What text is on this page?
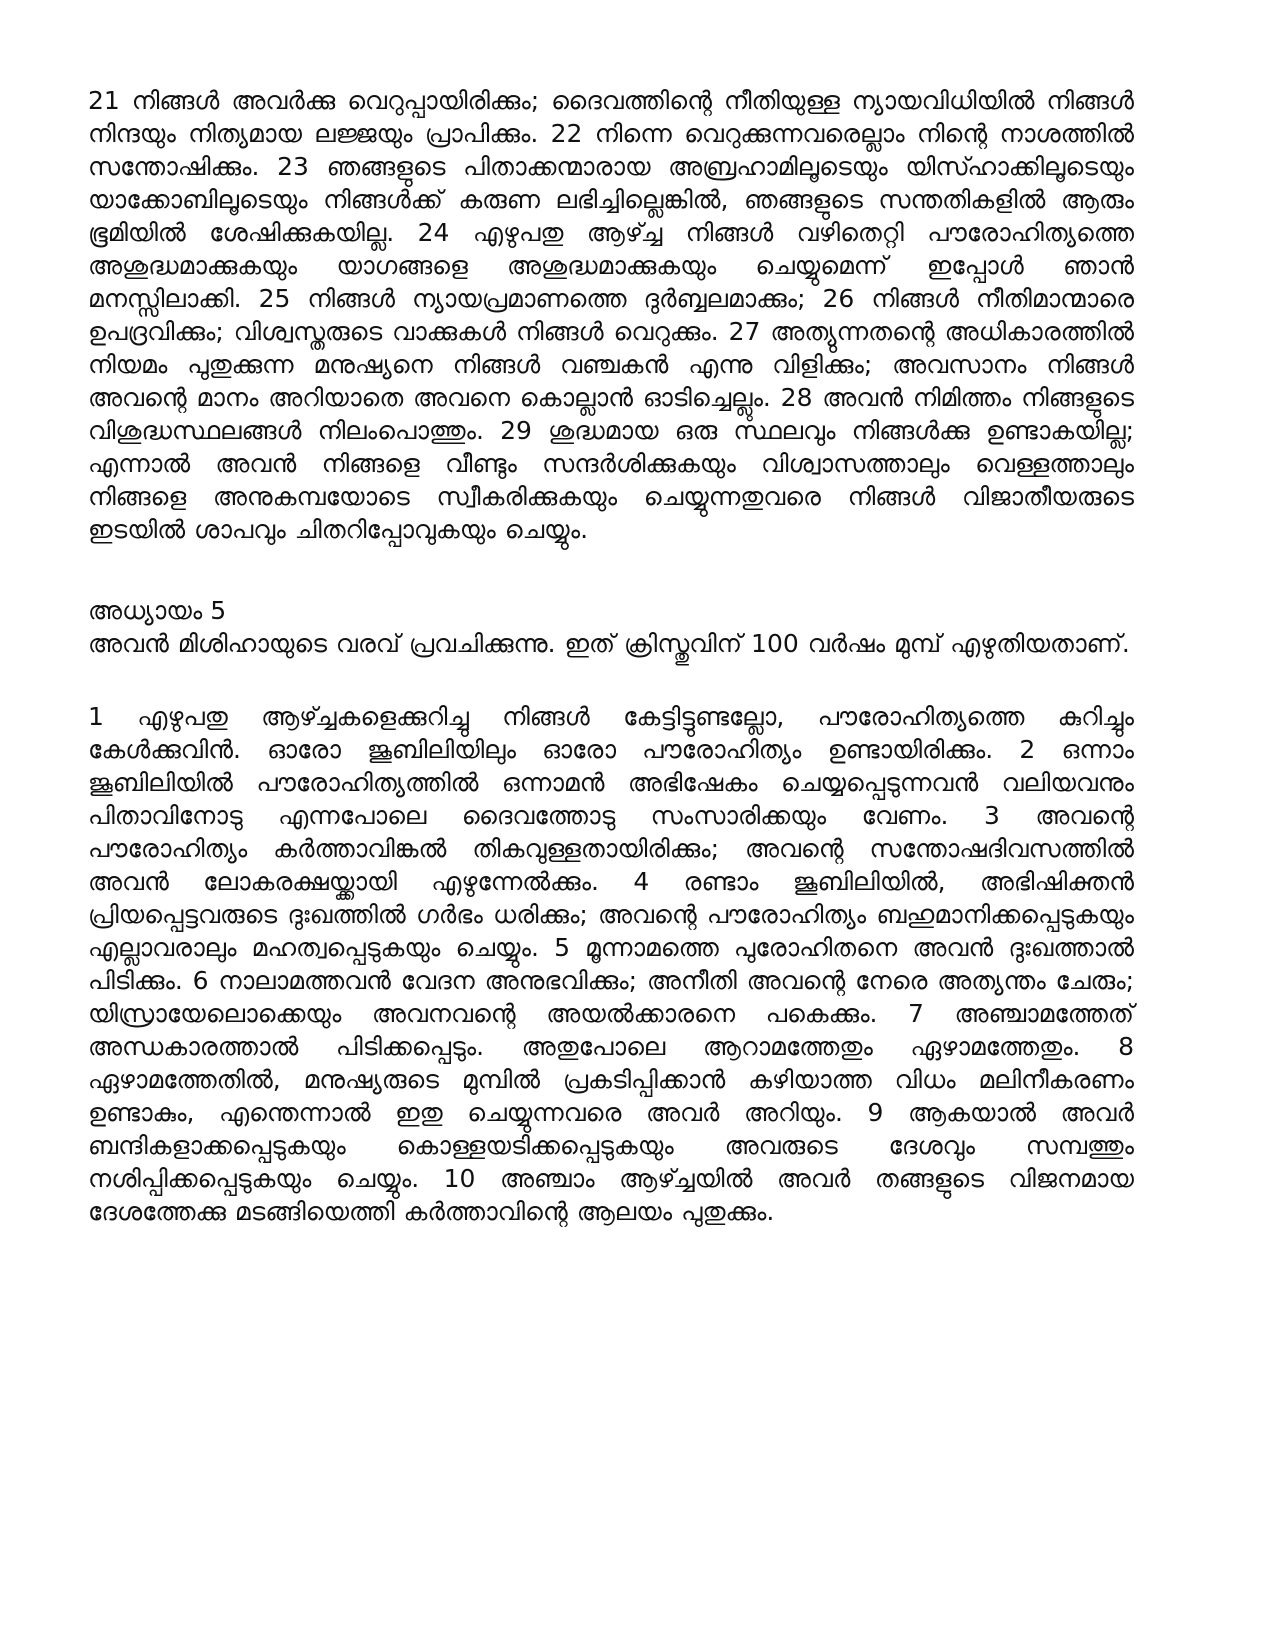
21 നിങ്ങൾ അവർക്കു വെറുപ്പായിരിക്കും; ദൈവത്തിന്റെ നീതിയുള്ള ന്യായവിധിയിൽ നിങ്ങൾ നിന്ദയും നിത്യമായ ലജ്ജയും പ്രാപിക്കും. 22 നിന്നെ വെറുക്കുന്നവരെല്ലാം നിന്റെ നാശത്തിൽ സന്തോഷിക്കും. 23 ഞങ്ങളുടെ പിതാക്കന്മാരായ അബ്രഹാമിലൂടെയും യിസ്ഹാക്കിലൂടെയും യാക്കോബിലൂടെയും നിങ്ങൾക്ക് കരുണ ലഭിച്ചില്ലെങ്കിൽ, ഞങ്ങളുടെ സന്തതികളിൽ ആരും ഭൂമിയിൽ ശേഷിക്കുകയില്ല. 24 എഴുപതു ആഴ്ച്ച നിങ്ങൾ വഴിതെറ്റി പൗരോഹിത്യത്തെ അശുദ്ധമാക്കുകയും യാഗങ്ങളെ അശുദ്ധമാക്കുകയും ചെയ്യുമെന്ന് ഇപ്പോൾ ഞാൻ മനസ്സിലാക്കി. 25 നിങ്ങൾ ന്യായപ്രമാണത്തെ ദുർബ്ബലമാക്കും; 26 നിങ്ങൾ നീതിമാന്മാരെ ഉപദ്രവിക്കും; വിശ്വസ്തരുടെ വാക്കുകൾ നിങ്ങൾ വെറുക്കും. 27 അത്യുന്നതന്റെ അധികാരത്തിൽ നിയമം പുതുക്കുന്ന മനുഷ്യനെ നിങ്ങൾ വഞ്ചകൻ എന്നു വിളിക്കും; അവസാനം നിങ്ങൾ അവന്റെ മാനം അറിയാതെ അവനെ കൊല്ലാൻ ഓടിച്ചെല്ലും. 28 അവൻ നിമിത്തം നിങ്ങളുടെ വിശുദ്ധസ്ഥലങ്ങൾ നിലംപൊത്തും. 29 ശുദ്ധമായ ഒരു സ്ഥലവും നിങ്ങൾക്കു ഉണ്ടാകയില്ല; എന്നാൽ അവൻ നിങ്ങളെ വീണ്ടും സന്ദർശിക്കുകയും വിശ്വാസത്താലും വെള്ളത്താലും നിങ്ങളെ അനുകമ്പയോടെ സ്വീകരിക്കുകയും ചെയ്യുന്നതുവരെ നിങ്ങൾ വിജാതീയരുടെ ഇടയിൽ ശാപവും ചിതറിപ്പോവുകയും ചെയ്യും.

അധ്യായം 5

അവൻ മിശിഹായുടെ വരവ് പ്രവചിക്കുന്നു. ഇത് ക്രിസ്തുവിന് 100 വർഷം മുമ്പ് എഴുതിയതാണ്.

1 എഴുപതു ആഴ്ച്ചകളെക്കുറിച്ചു നിങ്ങൾ കേട്ടിട്ടുണ്ടല്ലോ, പൗരോഹിത്യത്തെ കുറിച്ചും കേൾക്കുവിൻ. ഓരോ ജൂബിലിയിലും ഓരോ പൗരോഹിത്യം ഉണ്ടായിരിക്കും. 2 ഒന്നാം ജൂബിലിയിൽ പൗരോഹിത്യത്തിൽ ഒന്നാമൻ അഭിഷേകം ചെയ്യപ്പെടുന്നവൻ വലിയവനും പിതാവിനോടു എന്നപോലെ ദൈവത്തോടു സംസാരിക്കയും വേണം. 3 അവന്റെ പൗരോഹിത്യം കർത്താവിങ്കൽ തികവുള്ളതായിരിക്കും; അവന്റെ സന്തോഷദിവസത്തിൽ അവൻ ലോകരക്ഷയ്ക്കായി എഴുന്നേൽക്കും. 4 രണ്ടാം ജൂബിലിയിൽ, അഭിഷിക്തൻ പ്രിയപ്പെട്ടവരുടെ ദുഃഖത്തിൽ ഗർഭം ധരിക്കും; അവന്റെ പൗരോഹിത്യം ബഹുമാനിക്കപ്പെടുകയും എല്ലാവരാലും മഹത്വപ്പെടുകയും ചെയ്യും. 5 മൂന്നാമത്തെ പുരോഹിതനെ അവൻ ദുഃഖത്താൽ പിടിക്കും. 6 നാലാമത്തവൻ വേദന അനുഭവിക്കും; അനീതി അവന്റെ നേരെ അത്യന്തം ചേരും; യിസ്രായേലൊക്കെയും അവനവന്റെ അയൽക്കാരനെ പകെക്കും. 7 അഞ്ചാമത്തേത് അന്ധകാരത്താൽ പിടിക്കപ്പെടും. അതുപോലെ ആറാമത്തേതും ഏഴാമത്തേതും. 8 ഏഴാമത്തേതിൽ, മനുഷ്യരുടെ മുമ്പിൽ പ്രകടിപ്പിക്കാൻ കഴിയാത്ത വിധം മലിനീകരണം ഉണ്ടാകും, എന്തെന്നാൽ ഇതു ചെയ്യുന്നവരെ അവർ അറിയും. 9 ആകയാൽ അവർ ബന്ദികളാക്കപ്പെടുകയും കൊള്ളയടിക്കപ്പെടുകയും അവരുടെ ദേശവും സമ്പത്തും നശിപ്പിക്കപ്പെടുകയും ചെയ്യും. 10 അഞ്ചാം ആഴ്ച്ചയിൽ അവർ തങ്ങളുടെ വിജനമായ ദേശത്തേക്കു മടങ്ങിയെത്തി കർത്താവിന്റെ ആലയം പുതുക്കും.
